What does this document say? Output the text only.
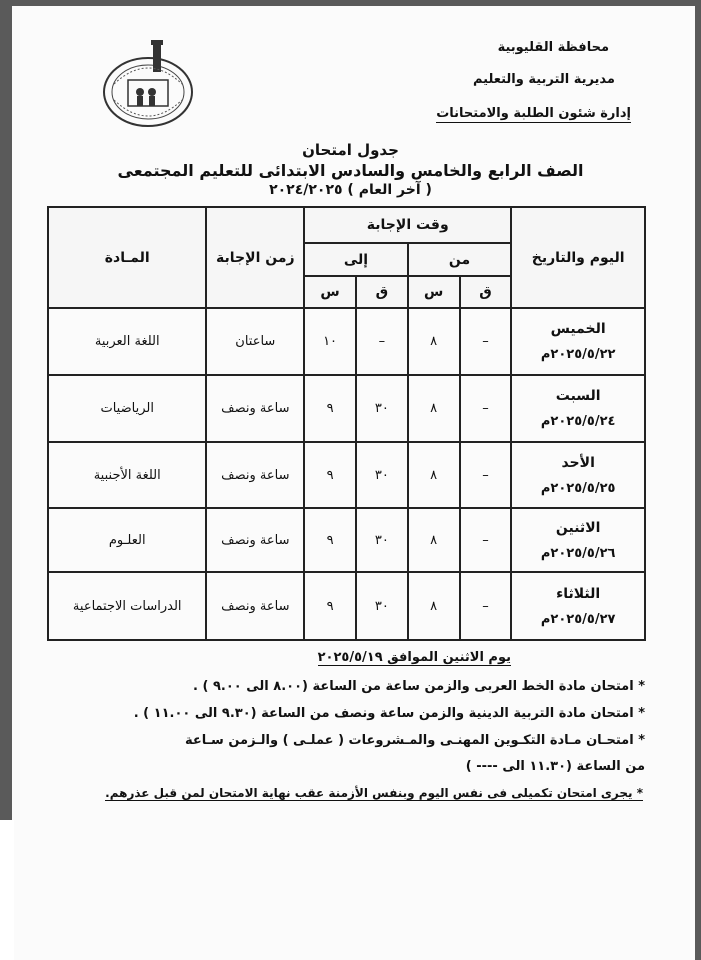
محافظة القليوبية
مديرية التربية والتعليم
إدارة شئون الطلبة والامتحانات
جدول امتحان
الصف الرابع والخامس والسادس الابتدائى للتعليم المجتمعى
( آخر العام ) ٢٠٢٤/٢٠٢٥
اليوم والتاريخ	وقت الإجابة				زمن الإجابة	المـادة
	من		إلى			
	ق	س	ق	س		

الخميس
٢٠٢٥/٥/٢٢م	–	٨	–	١٠	ساعتان	اللغة العربية

السبت
٢٠٢٥/٥/٢٤م	–	٨	٣٠	٩	ساعة ونصف	الرياضيات

الأحد
٢٠٢٥/٥/٢٥م	–	٨	٣٠	٩	ساعة ونصف	اللغة الأجنبية

الاثنين
٢٠٢٥/٥/٢٦م	–	٨	٣٠	٩	ساعة ونصف	العلـوم

الثلاثاء
٢٠٢٥/٥/٢٧م	–	٨	٣٠	٩	ساعة ونصف	الدراسات الاجتماعية
يوم الاثنين الموافق ٢٠٢٥/٥/١٩
* امتحان مادة الخط العربى والزمن ساعة من الساعة (٨.٠٠ الى ٩.٠٠ ) .
* امتحان مادة التربية الدينية والزمن ساعة ونصف من الساعة (٩.٣٠ الى ١١.٠٠ ) .
* امتحـان مـادة التكـوين المهنـى والمـشروعات ( عملـى ) والـزمن سـاعة
من الساعة (١١.٣٠ الى ---- )
* يجرى امتحان تكميلى فى نفس اليوم وبنفس الأزمنة عقب نهاية الامتحان لمن قبل عذرهم.
